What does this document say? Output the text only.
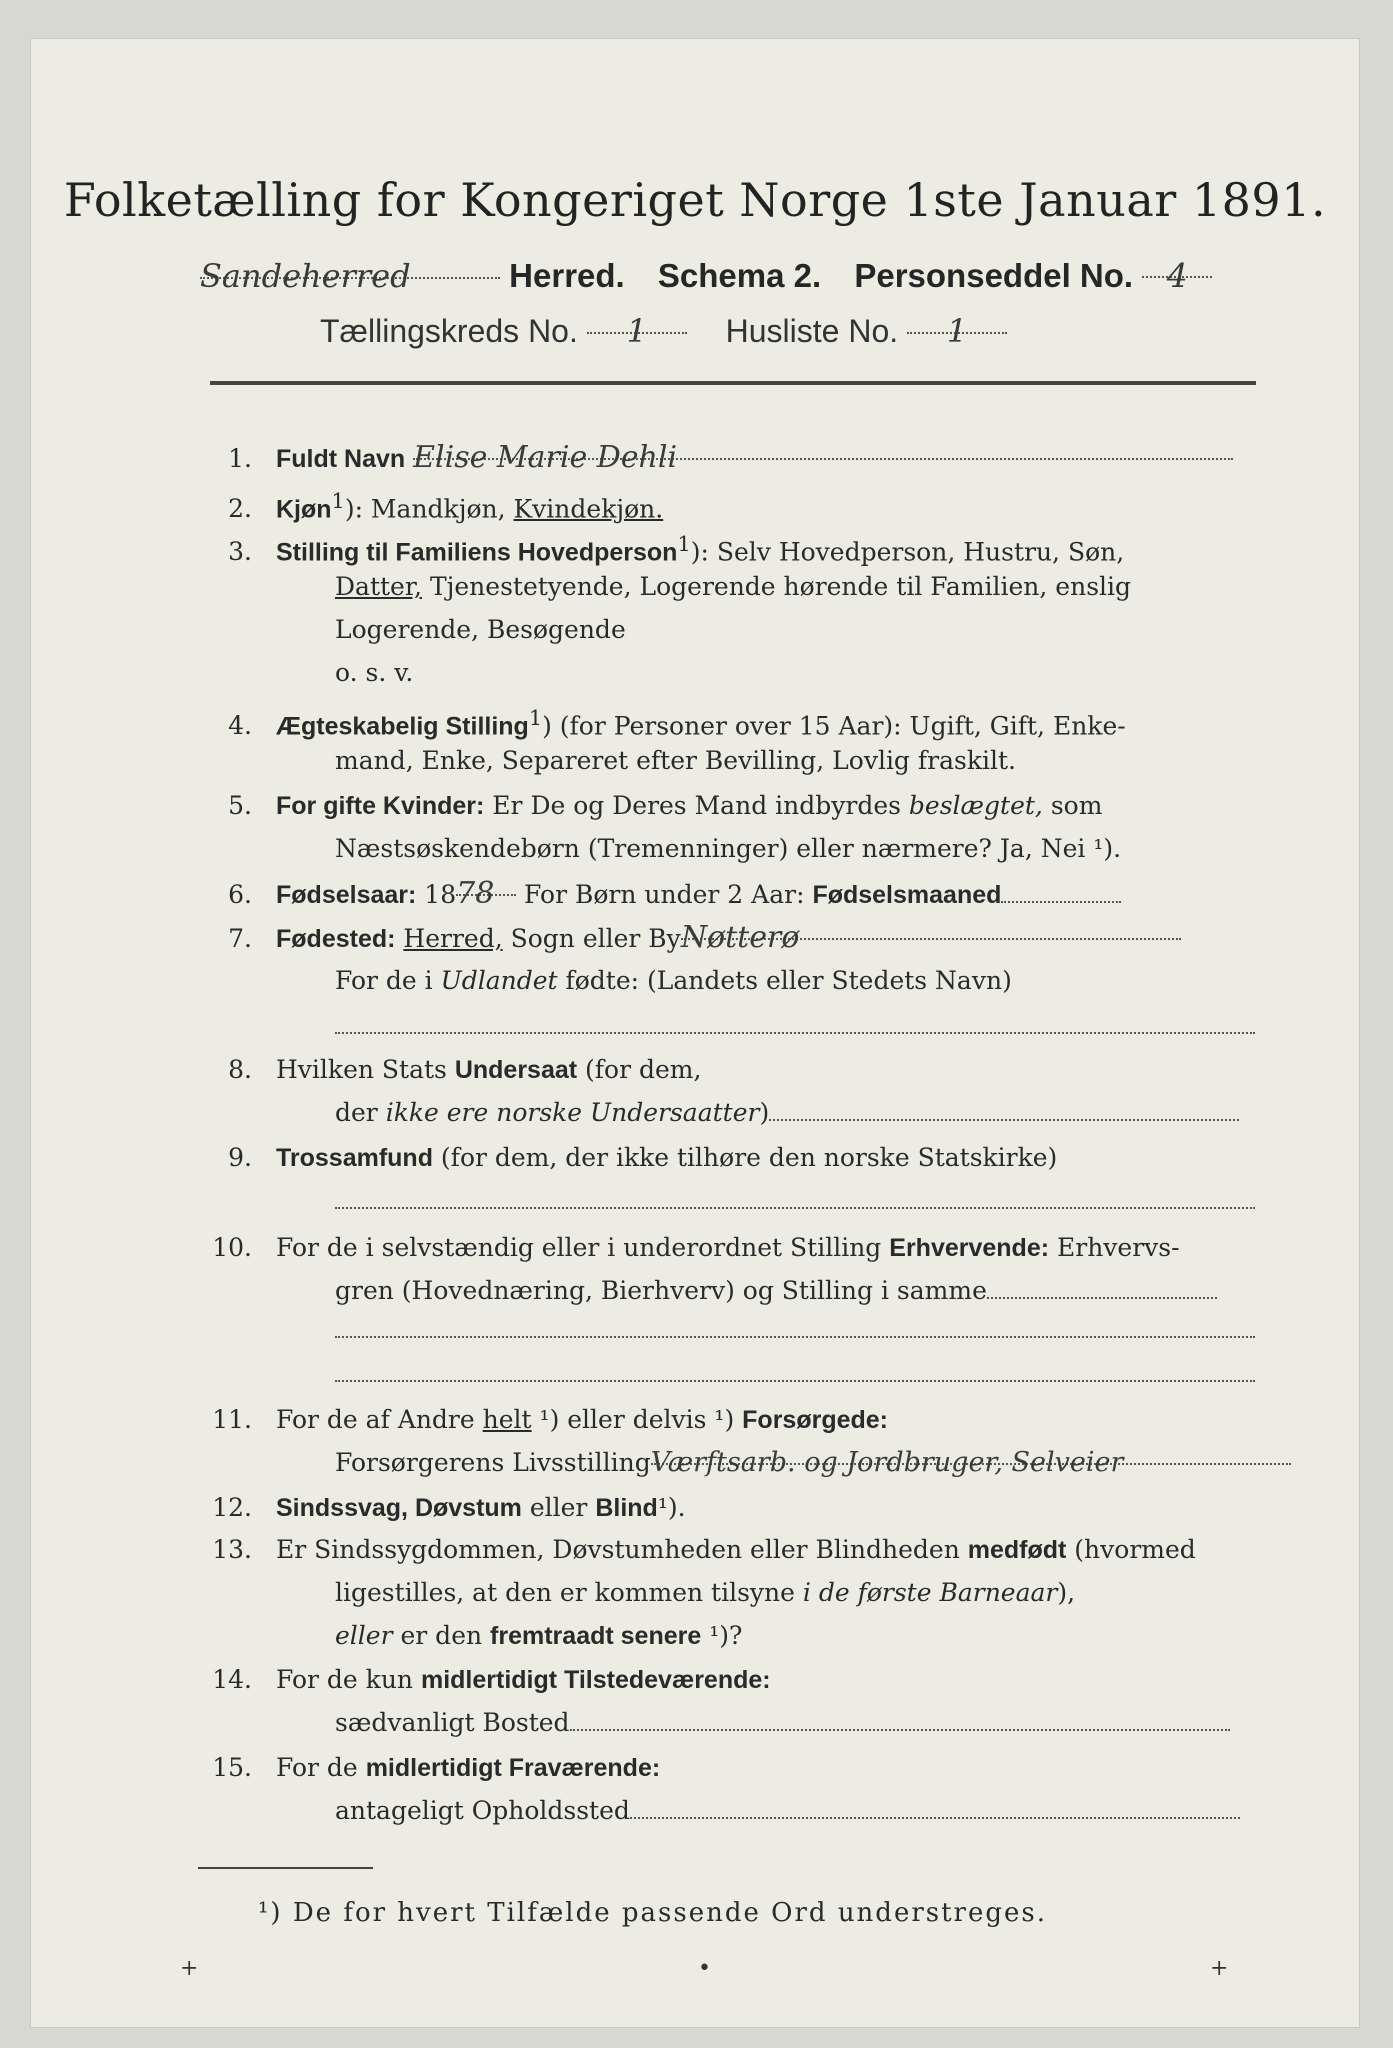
Folketælling for Kongeriget Norge 1ste Januar 1891.
Sandeherred	Herred. Schema 2. Personseddel No. 4
Tællingskreds No. 1 Husliste No. 1
1. Fuldt Navn Elise Marie Dehli
2. Kjøn$^1$): Mandkjøn, Kvindekjøn.
3. Stilling til Familiens Hovedperson$^1$): Selv Hovedperson, Hustru, Søn,
Datter, Tjenestetyende, Logerende hørende til Familien, enslig
Logerende, Besøgende
o. s. v.
4. Ægteskabelig Stilling$^1$) (for Personer over 15 Aar): Ugift, Gift, Enke-
mand, Enke, Separeret efter Bevilling, Lovlig fraskilt.
5. For gifte Kvinder: Er De og Deres Mand indbyrdes beslægtet, som
Næstsøskendebørn (Tremenninger) eller nærmere? Ja, Nei ¹).
6. Fødselsaar: 1878 For Børn under 2 Aar: Fødselsmaaned
7. Fødested: Herred, Sogn eller ByNøtterø
For de i Udlandet fødte: (Landets eller Stedets Navn)
8. Hvilken Stats Undersaat (for dem,
der ikke ere norske Undersaatter)
9. Trossamfund (for dem, der ikke tilhøre den norske Statskirke)
10. For de i selvstændig eller i underordnet Stilling Erhvervende: Erhvervs-
gren (Hovednæring, Bierhverv) og Stilling i samme
11. For de af Andre helt ¹) eller delvis ¹) Forsørgede:
Forsørgerens LivsstillingVærftsarb. og Jordbruger, Selveier
12. Sindssvag, Døvstum eller Blind¹).
13. Er Sindssygdommen, Døvstumheden eller Blindheden medfødt (hvormed
ligestilles, at den er kommen tilsyne i de første Barneaar),
eller er den fremtraadt senere ¹)?
14. For de kun midlertidigt Tilstedeværende:
sædvanligt Bosted
15. For de midlertidigt Fraværende:
antageligt Opholdssted
¹) De for hvert Tilfælde passende Ord understreges.
+	•	+
